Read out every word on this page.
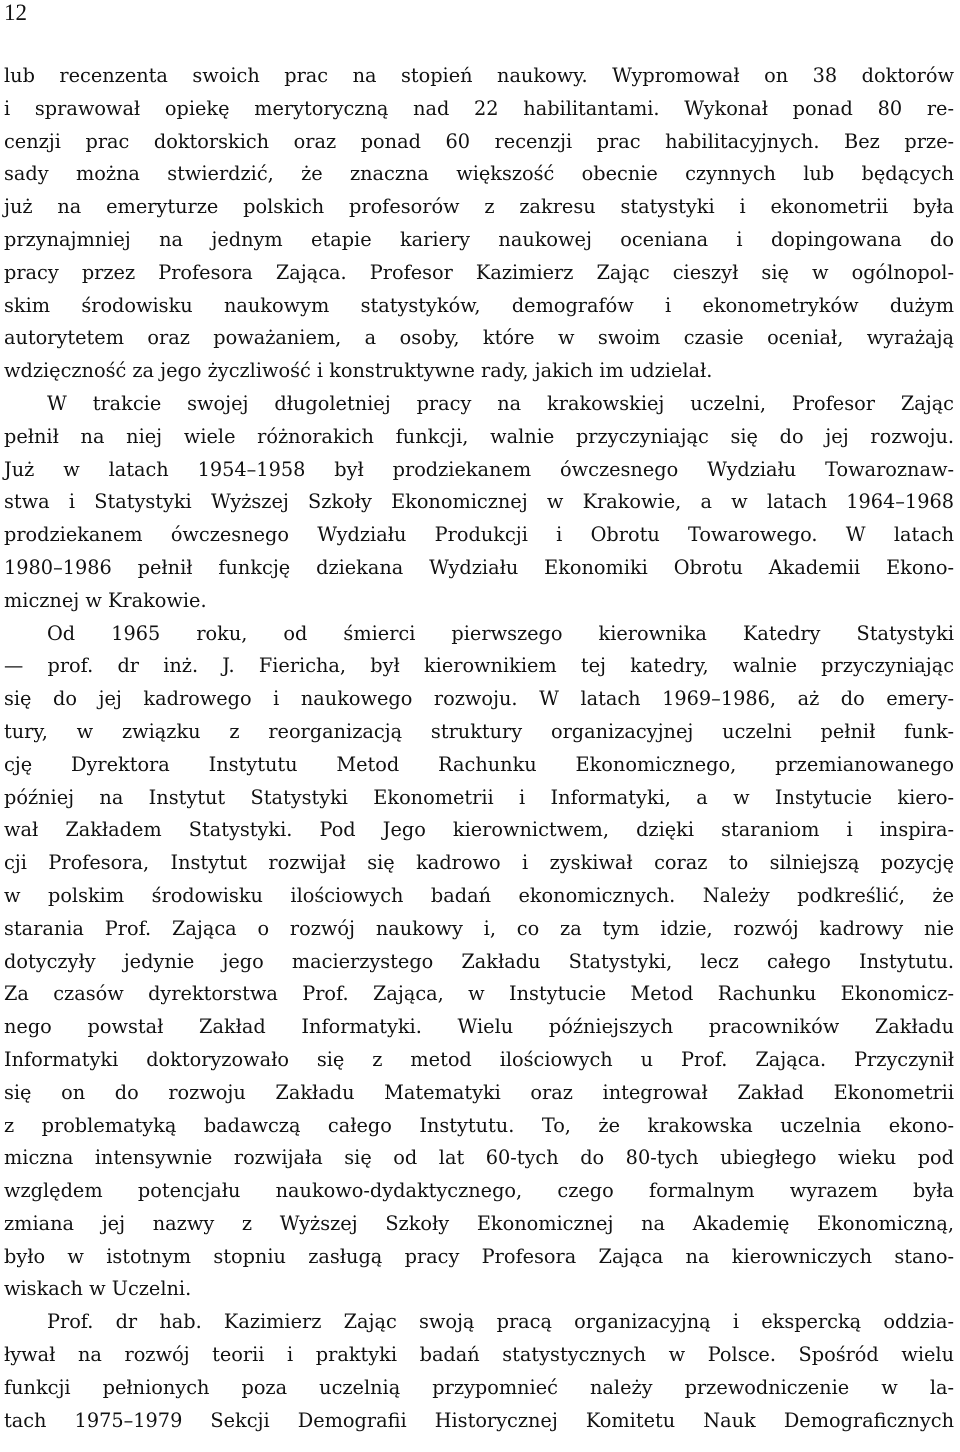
12
lub recenzenta swoich prac na stopień naukowy. Wypromował on 38 doktorów
i sprawował opiekę merytoryczną nad 22 habilitantami. Wykonał ponad 80 re-
cenzji prac doktorskich oraz ponad 60 recenzji prac habilitacyjnych. Bez prze-
sady można stwierdzić, że znaczna większość obecnie czynnych lub będących
już na emeryturze polskich profesorów z zakresu statystyki i ekonometrii była
przynajmniej na jednym etapie kariery naukowej oceniana i dopingowana do
pracy przez Profesora Zająca. Profesor Kazimierz Zając cieszył się w ogólnopol-
skim środowisku naukowym statystyków, demografów i ekonometryków dużym
autorytetem oraz poważaniem, a osoby, które w swoim czasie oceniał, wyrażają
wdzięczność za jego życzliwość i konstruktywne rady, jakich im udzielał.
W trakcie swojej długoletniej pracy na krakowskiej uczelni, Profesor Zając
pełnił na niej wiele różnorakich funkcji, walnie przyczyniając się do jej rozwoju.
Już w latach 1954–1958 był prodziekanem ówczesnego Wydziału Towaroznaw-
stwa i Statystyki Wyższej Szkoły Ekonomicznej w Krakowie, a w latach 1964–1968
prodziekanem ówczesnego Wydziału Produkcji i Obrotu Towarowego. W latach
1980–1986 pełnił funkcję dziekana Wydziału Ekonomiki Obrotu Akademii Ekono-
micznej w Krakowie.
Od 1965 roku, od śmierci pierwszego kierownika Katedry Statystyki
— prof. dr inż. J. Fiericha, był kierownikiem tej katedry, walnie przyczyniając
się do jej kadrowego i naukowego rozwoju. W latach 1969–1986, aż do emery-
tury, w związku z reorganizacją struktury organizacyjnej uczelni pełnił funk-
cję Dyrektora Instytutu Metod Rachunku Ekonomicznego, przemianowanego
później na Instytut Statystyki Ekonometrii i Informatyki, a w Instytucie kiero-
wał Zakładem Statystyki. Pod Jego kierownictwem, dzięki staraniom i inspira-
cji Profesora, Instytut rozwijał się kadrowo i zyskiwał coraz to silniejszą pozycję
w polskim środowisku ilościowych badań ekonomicznych. Należy podkreślić, że
starania Prof. Zająca o rozwój naukowy i, co za tym idzie, rozwój kadrowy nie
dotyczyły jedynie jego macierzystego Zakładu Statystyki, lecz całego Instytutu.
Za czasów dyrektorstwa Prof. Zająca, w Instytucie Metod Rachunku Ekonomicz-
nego powstał Zakład Informatyki. Wielu późniejszych pracowników Zakładu
Informatyki doktoryzowało się z metod ilościowych u Prof. Zająca. Przyczynił
się on do rozwoju Zakładu Matematyki oraz integrował Zakład Ekonometrii
z problematyką badawczą całego Instytutu. To, że krakowska uczelnia ekono-
miczna intensywnie rozwijała się od lat 60-tych do 80-tych ubiegłego wieku pod
względem potencjału naukowo-dydaktycznego, czego formalnym wyrazem była
zmiana jej nazwy z Wyższej Szkoły Ekonomicznej na Akademię Ekonomiczną,
było w istotnym stopniu zasługą pracy Profesora Zająca na kierowniczych stano-
wiskach w Uczelni.
Prof. dr hab. Kazimierz Zając swoją pracą organizacyjną i ekspercką oddzia-
ływał na rozwój teorii i praktyki badań statystycznych w Polsce. Spośród wielu
funkcji pełnionych poza uczelnią przypomnieć należy przewodniczenie w la-
tach 1975–1979 Sekcji Demografii Historycznej Komitetu Nauk Demograficznych
